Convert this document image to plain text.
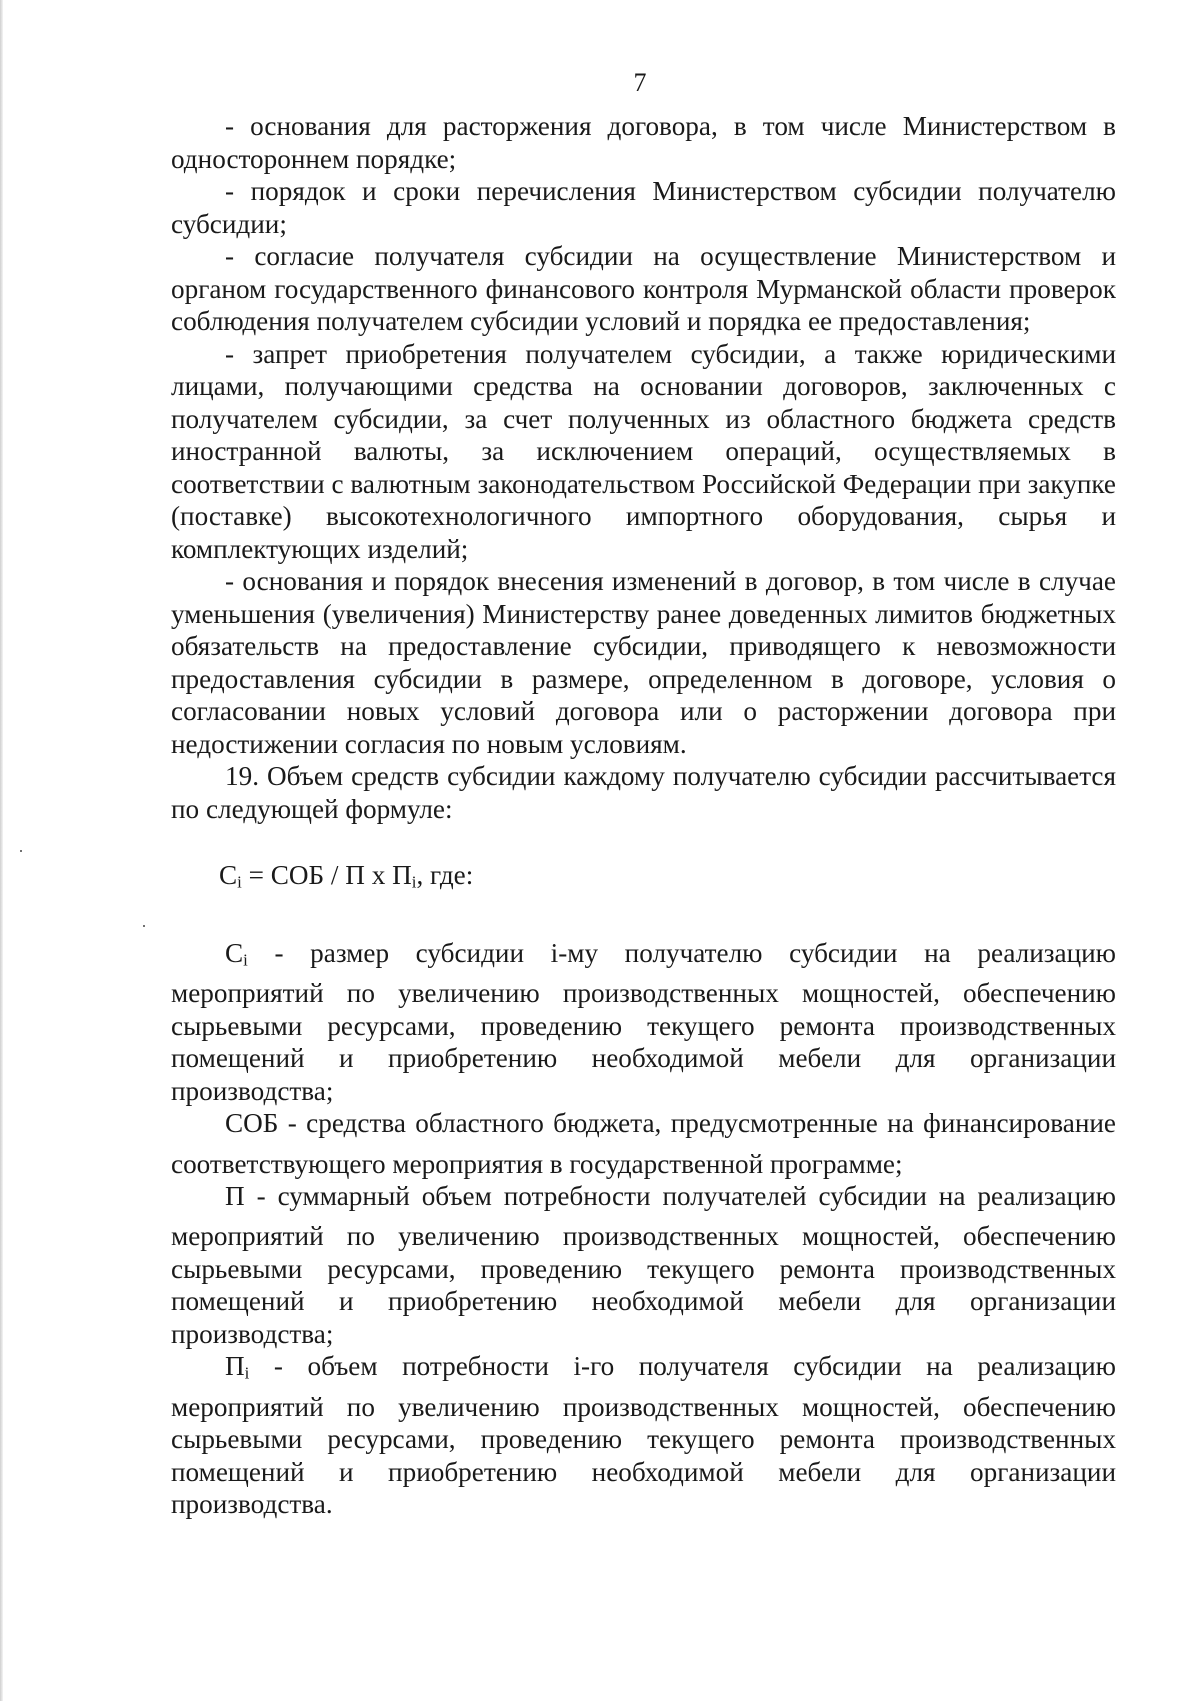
7

- основания для расторжения договора, в том числе Министерством в одностороннем порядке;

- порядок и сроки перечисления Министерством субсидии получателю субсидии;

- согласие получателя субсидии на осуществление Министерством и органом государственного финансового контроля Мурманской области проверок соблюдения получателем субсидии условий и порядка ее предоставления;

- запрет приобретения получателем субсидии, а также юридическими лицами, получающими средства на основании договоров, заключенных с получателем субсидии, за счет полученных из областного бюджета средств иностранной валюты, за исключением операций, осуществляемых в соответствии с валютным законодательством Российской Федерации при закупке (поставке) высокотехнологичного импортного оборудования, сырья и комплектующих изделий;

- основания и порядок внесения изменений в договор, в том числе в случае уменьшения (увеличения) Министерству ранее доведенных лимитов бюджетных обязательств на предоставление субсидии, приводящего к невозможности предоставления субсидии в размере, определенном в договоре, условия о согласовании новых условий договора или о расторжении договора при недостижении согласия по новым условиям.

19. Объем средств субсидии каждому получателю субсидии рассчитывается по следующей формуле:

$C_i$ = СОБ / П х $П_i$, где:

$C_i$ - размер субсидии i-му получателю субсидии на реализацию мероприятий по увеличению производственных мощностей, обеспечению сырьевыми ресурсами, проведению текущего ремонта производственных помещений и приобретению необходимой мебели для организации производства;

СОБ - средства областного бюджета, предусмотренные на финансирование соответствующего мероприятия в государственной программе;

П - суммарный объем потребности получателей субсидии на реализацию мероприятий по увеличению производственных мощностей, обеспечению сырьевыми ресурсами, проведению текущего ремонта производственных помещений и приобретению необходимой мебели для организации производства;

$П_i$ - объем потребности i-го получателя субсидии на реализацию мероприятий по увеличению производственных мощностей, обеспечению сырьевыми ресурсами, проведению текущего ремонта производственных помещений и приобретению необходимой мебели для организации производства.
